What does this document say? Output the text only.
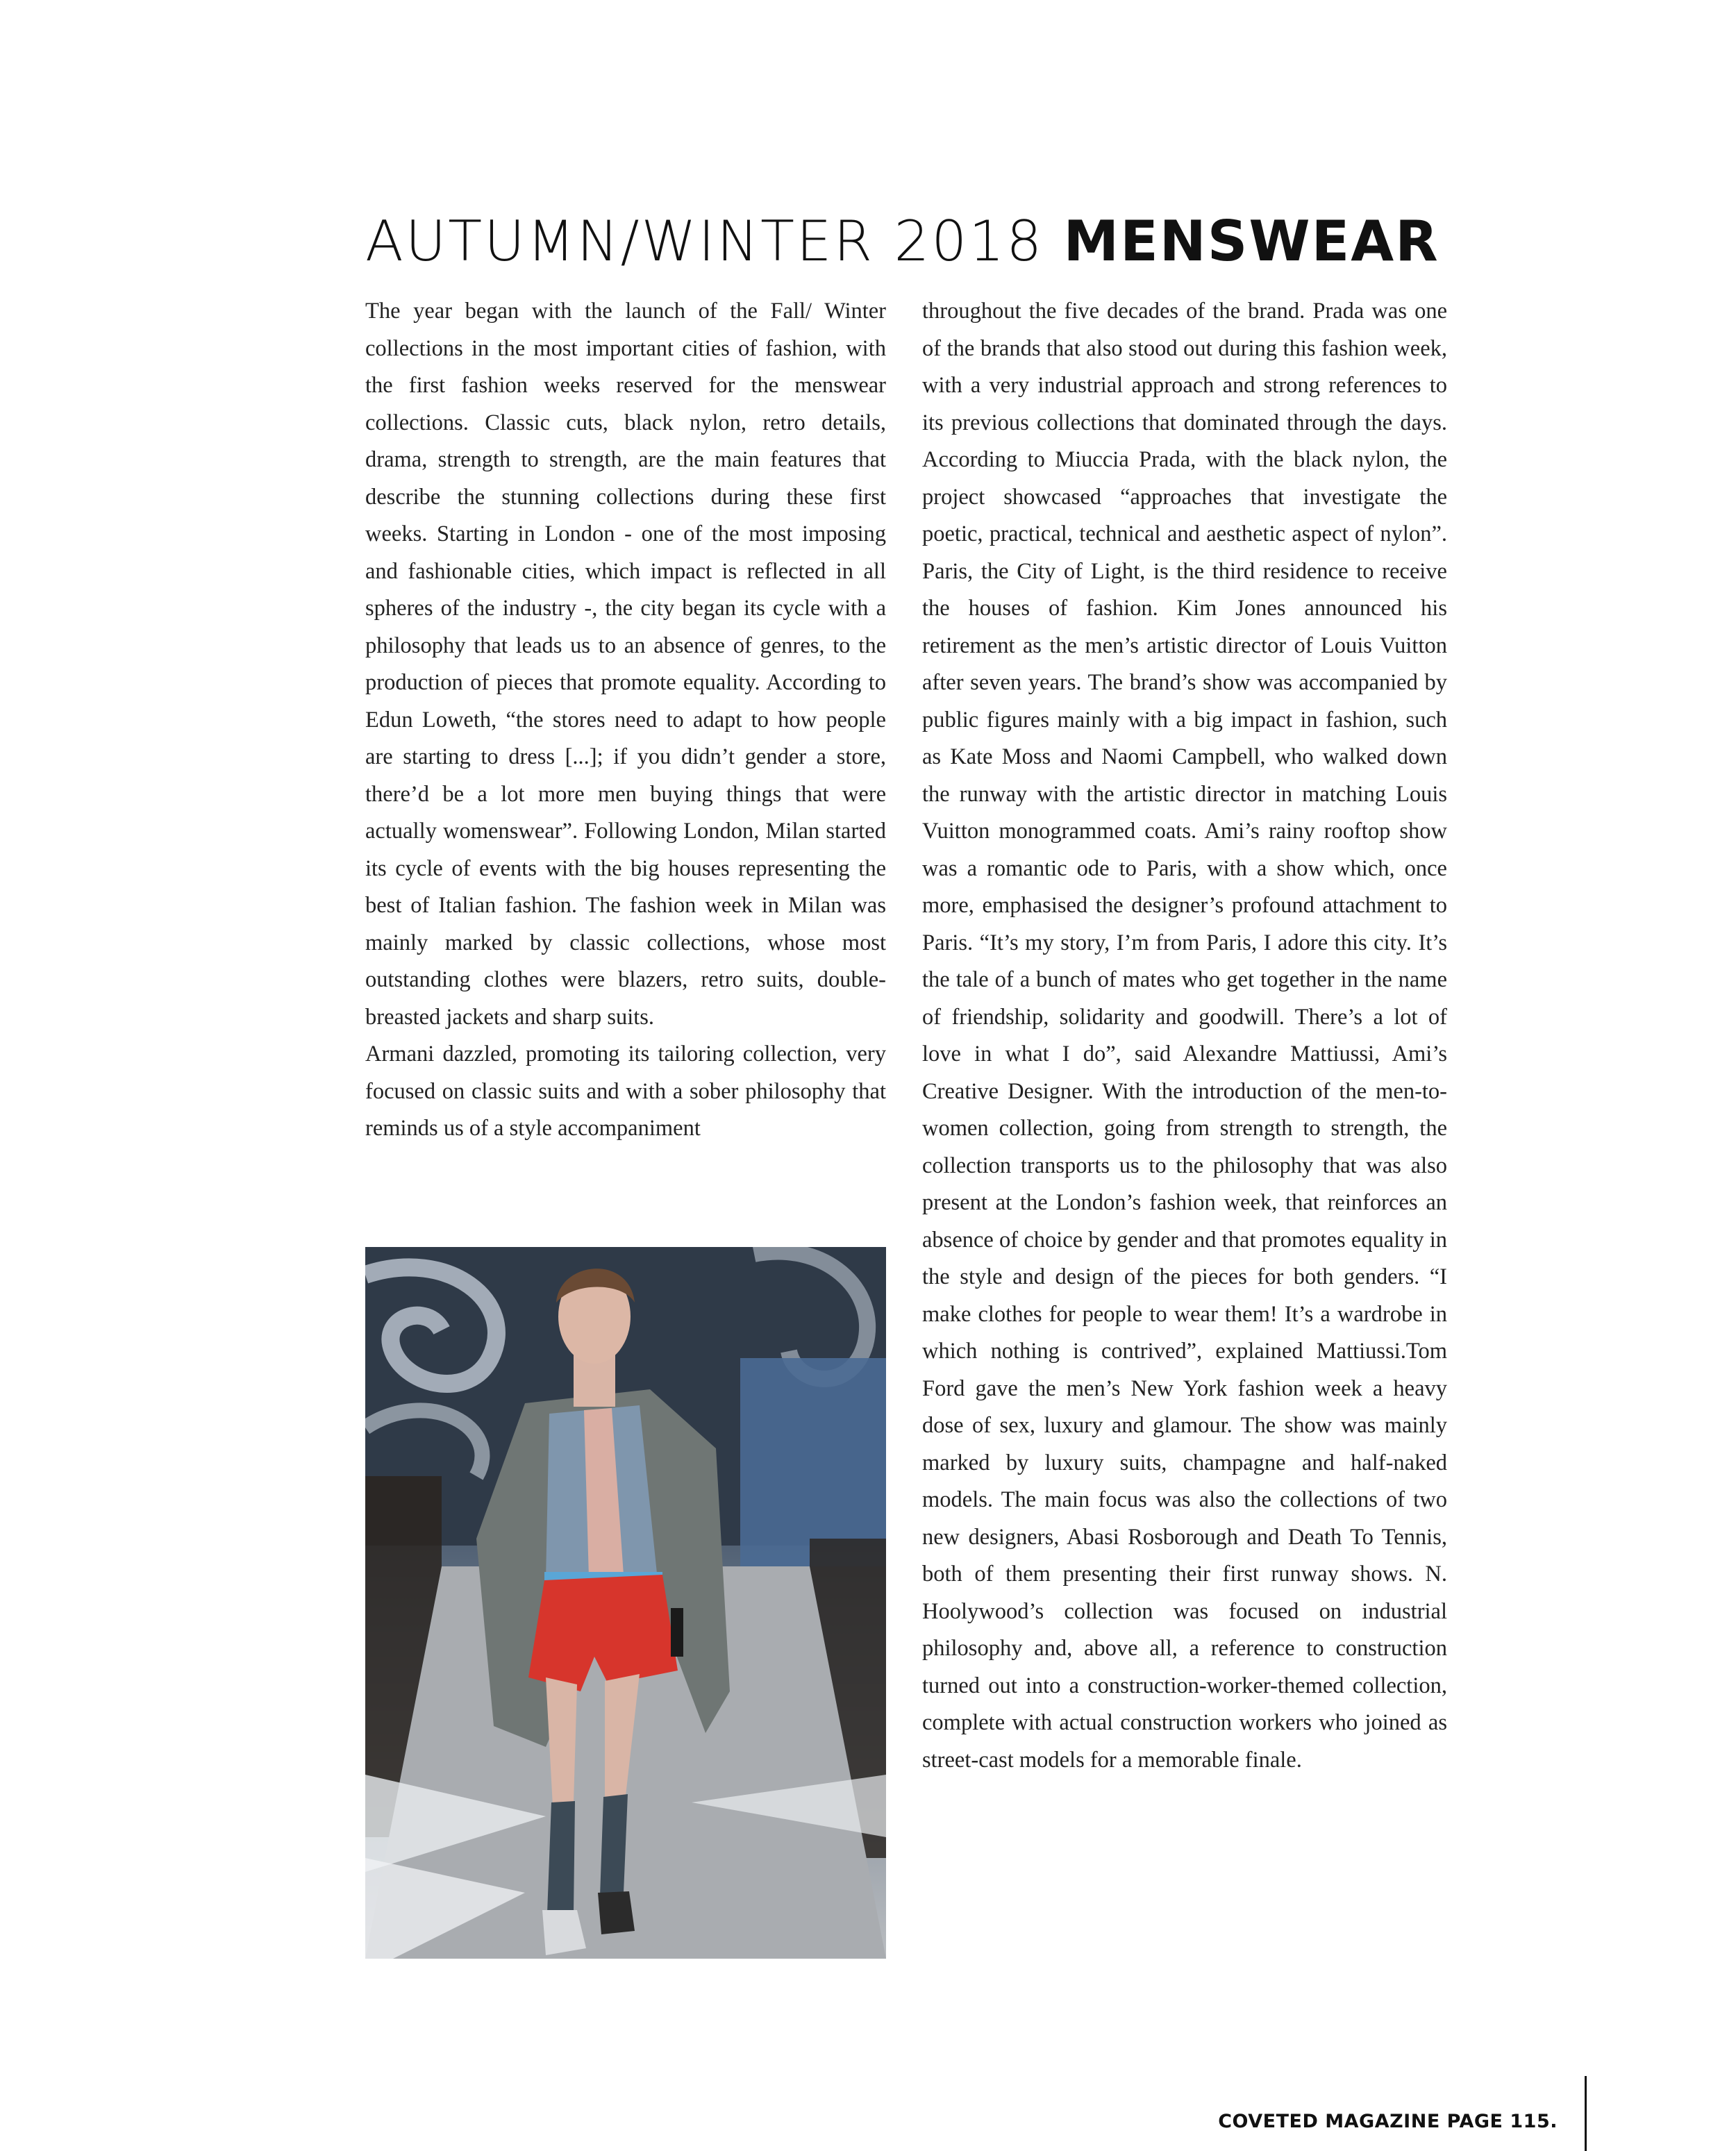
AUTUMN/WINTER 2018 MENSWEAR

The year began with the launch of the Fall/ Winter collections in the most important cities of fashion, with the first fashion weeks reserved for the menswear collections. Classic cuts, black nylon, retro details, drama, strength to strength, are the main features that describe the stunning collections during these first weeks. Starting in London - one of the most imposing and fashionable cities, which impact is reflected in all spheres of the industry -, the city began its cycle with a philosophy that leads us to an absence of genres, to the production of pieces that promote equality. According to Edun Loweth, “the stores need to adapt to how people are starting to dress [...]; if you didn’t gender a store, there’d be a lot more men buying things that were actually womenswear”. Following London, Milan started its cycle of events with the big houses representing the best of Italian fashion. The fashion week in Milan was mainly marked by classic collections, whose most outstanding clothes were blazers, retro suits, double-breasted jackets and sharp suits.

Armani dazzled, promoting its tailoring collection, very focused on classic suits and with a sober philosophy that reminds us of a style accompaniment

throughout the five decades of the brand. Prada was one of the brands that also stood out during this fashion week, with a very industrial approach and strong references to its previous collections that dominated through the days. According to Miuccia Prada, with the black nylon, the project showcased “approaches that investigate the poetic, practical, technical and aesthetic aspect of nylon”. Paris, the City of Light, is the third residence to receive the houses of fashion. Kim Jones announced his retirement as the men’s artistic director of Louis Vuitton after seven years. The brand’s show was accompanied by public figures mainly with a big impact in fashion, such as Kate Moss and Naomi Campbell, who walked down the runway with the artistic director in matching Louis Vuitton monogrammed coats. Ami’s rainy rooftop show was a romantic ode to Paris, with a show which, once more, emphasised the designer’s profound attachment to Paris. “It’s my story, I’m from Paris, I adore this city. It’s the tale of a bunch of mates who get together in the name of friendship, solidarity and goodwill. There’s a lot of love in what I do”, said Alexandre Mattiussi, Ami’s Creative Designer. With the introduction of the men-to-women collection, going from strength to strength, the collection transports us to the philosophy that was also present at the London’s fashion week, that reinforces an absence of choice by gender and that promotes equality in the style and design of the pieces for both genders. “I make clothes for people to wear them! It’s a wardrobe in which nothing is contrived”, explained Mattiussi.Tom Ford gave the men’s New York fashion week a heavy dose of sex, luxury and glamour. The show was mainly marked by luxury suits, champagne and half-naked models. The main focus was also the collections of two new designers, Abasi Rosborough and Death To Tennis, both of them presenting their first runway shows. N. Hoolywood’s collection was focused on industrial philosophy and, above all, a reference to construction turned out into a construction-worker-themed collection, complete with actual construction workers who joined as street-cast models for a memorable finale.

COVETED MAGAZINE PAGE 115.
